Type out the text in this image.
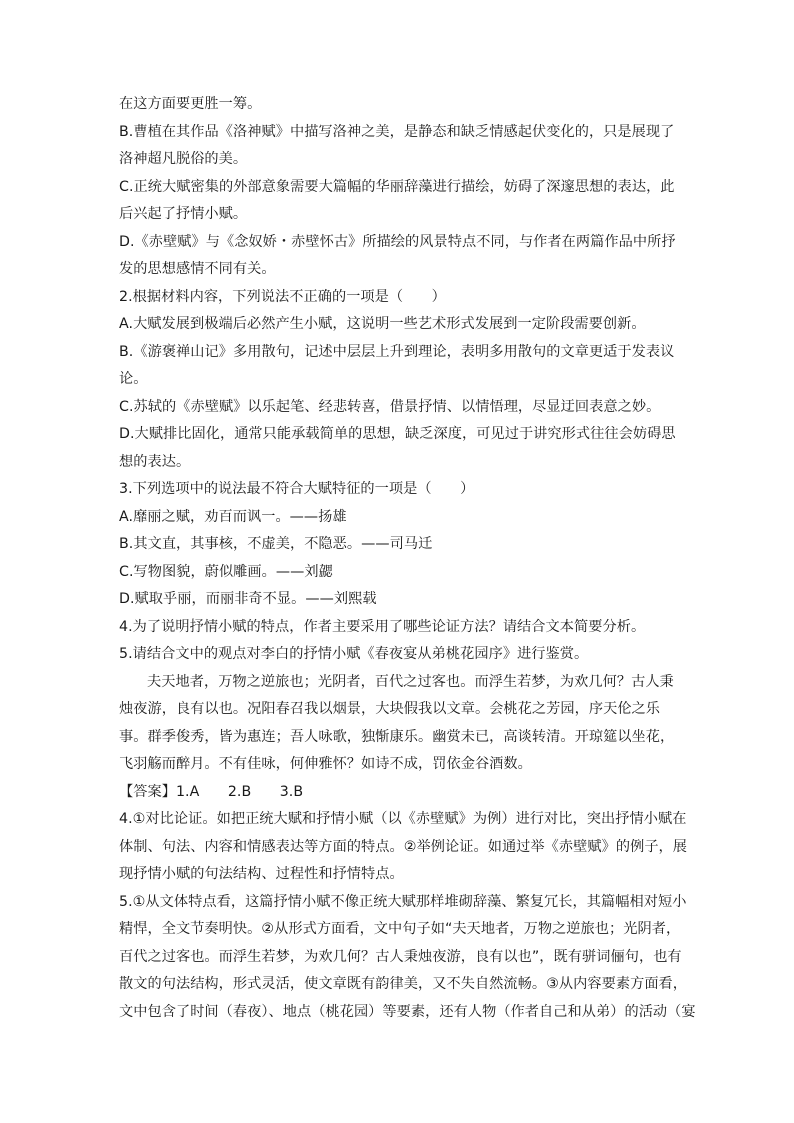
在这方面要更胜一筹。
B.曹植在其作品《洛神赋》中描写洛神之美，是静态和缺乏情感起伏变化的，只是展现了
洛神超凡脱俗的美。
C.正统大赋密集的外部意象需要大篇幅的华丽辞藻进行描绘，妨碍了深邃思想的表达，此
后兴起了抒情小赋。
D.《赤壁赋》与《念奴娇・赤壁怀古》所描绘的风景特点不同，与作者在两篇作品中所抒
发的思想感情不同有关。
2.根据材料内容，下列说法不正确的一项是（　　）
A.大赋发展到极端后必然产生小赋，这说明一些艺术形式发展到一定阶段需要创新。
B.《游褒禅山记》多用散句，记述中层层上升到理论，表明多用散句的文章更适于发表议
论。
C.苏轼的《赤壁赋》以乐起笔、经悲转喜，借景抒情、以情悟理，尽显迂回表意之妙。
D.大赋排比固化，通常只能承载简单的思想，缺乏深度，可见过于讲究形式往往会妨碍思
想的表达。
3.下列选项中的说法最不符合大赋特征的一项是（　　）
A.靡丽之赋，劝百而讽一。——扬雄
B.其文直，其事核，不虚美，不隐恶。——司马迁
C.写物图貌，蔚似雕画。——刘勰
D.赋取乎丽，而丽非奇不显。——刘熙载
4.为了说明抒情小赋的特点，作者主要采用了哪些论证方法？请结合文本简要分析。
5.请结合文中的观点对李白的抒情小赋《春夜宴从弟桃花园序》进行鉴赏。
夫天地者，万物之逆旅也；光阴者，百代之过客也。而浮生若梦，为欢几何？古人秉
烛夜游，良有以也。况阳春召我以烟景，大块假我以文章。会桃花之芳园，序天伦之乐
事。群季俊秀，皆为惠连；吾人咏歌，独惭康乐。幽赏未已，高谈转清。开琼筵以坐花，
飞羽觞而醉月。不有佳咏，何伸雅怀？如诗不成，罚依金谷酒数。
【答案】1.A　　2.B　　3.B
4.①对比论证。如把正统大赋和抒情小赋（以《赤壁赋》为例）进行对比，突出抒情小赋在
体制、句法、内容和情感表达等方面的特点。②举例论证。如通过举《赤壁赋》的例子，展
现抒情小赋的句法结构、过程性和抒情特点。
5.①从文体特点看，这篇抒情小赋不像正统大赋那样堆砌辞藻、繁复冗长，其篇幅相对短小
精悍，全文节奏明快。②从形式方面看，文中句子如“夫天地者，万物之逆旅也；光阴者，
百代之过客也。而浮生若梦，为欢几何？古人秉烛夜游，良有以也”，既有骈词俪句，也有
散文的句法结构，形式灵活，使文章既有韵律美，又不失自然流畅。③从内容要素方面看，
文中包含了时间（春夜）、地点（桃花园）等要素，还有人物（作者自己和从弟）的活动（宴
